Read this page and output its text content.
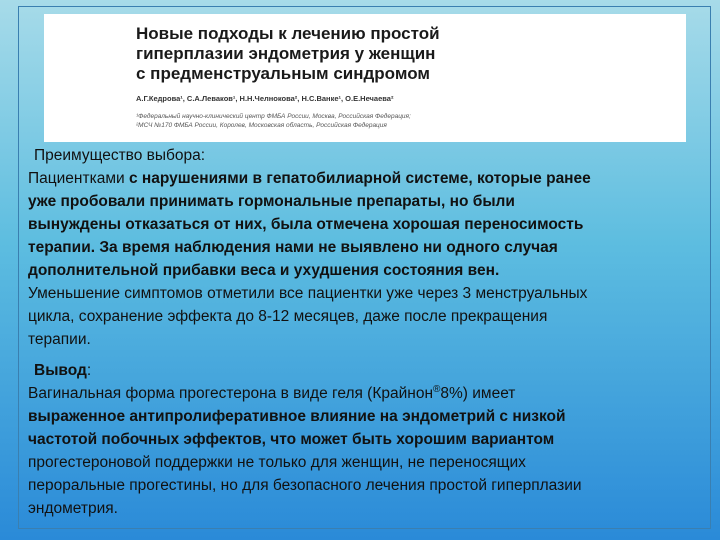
Новые подходы к лечению простой
гиперплазии эндометрия у женщин
с предменструальным синдромом
А.Г.Кедрова¹, С.А.Леваков¹, Н.Н.Челнокова², Н.С.Ванке¹, О.Е.Нечаева²
¹Федеральный научно-клинический центр ФМБА России, Москва, Российская Федерация;
²МСЧ №170 ФМБА России, Королев, Московская область, Российская Федерация
Преимущество выбора:
Пациентками с нарушениями в гепатобилиарной системе, которые ранее
уже пробовали принимать гормональные препараты, но были
вынуждены отказаться от них, была отмечена хорошая переносимость
терапии. За время наблюдения нами не выявлено ни одного случая
дополнительной прибавки веса и ухудшения состояния вен.
Уменьшение симптомов отметили все пациентки уже через 3 менструальных
цикла, сохранение эффекта до 8-12 месяцев, даже после прекращения
терапии.
Вывод:
Вагинальная форма прогестерона в виде геля (Крайнон®8%) имеет
выраженное антипролиферативное влияние на эндометрий с низкой
частотой побочных эффектов, что может быть хорошим вариантом
прогестероновой поддержки не только для женщин, не переносящих
пероральные прогестины, но для безопасного лечения простой гиперплазии
эндометрия.
